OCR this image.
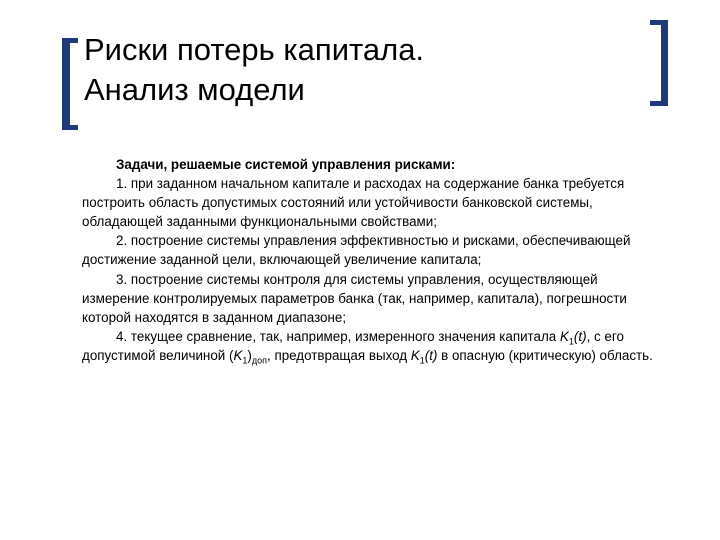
Риски потерь капитала.
Анализ модели

Задачи, решаемые системой управления рисками:

1. при заданном начальном капитале и расходах на содержание банка требуется построить область допустимых состояний или устойчивости банковской системы, обладающей заданными функциональными свойствами;

2. построение системы управления эффективностью и рисками, обеспечивающей достижение заданной цели, включающей увеличение капитала;

3. построение системы контроля для системы управления, осуществляющей измерение контролируемых параметров банка (так, например, капитала), погрешности которой находятся в заданном диапазоне;

4. текущее сравнение, так, например, измеренного значения капитала $K_1(t)$, с его допустимой величиной $(K_1)_{доп}$, предотвращая выход $K_1(t)$ в опасную (критическую) область.
